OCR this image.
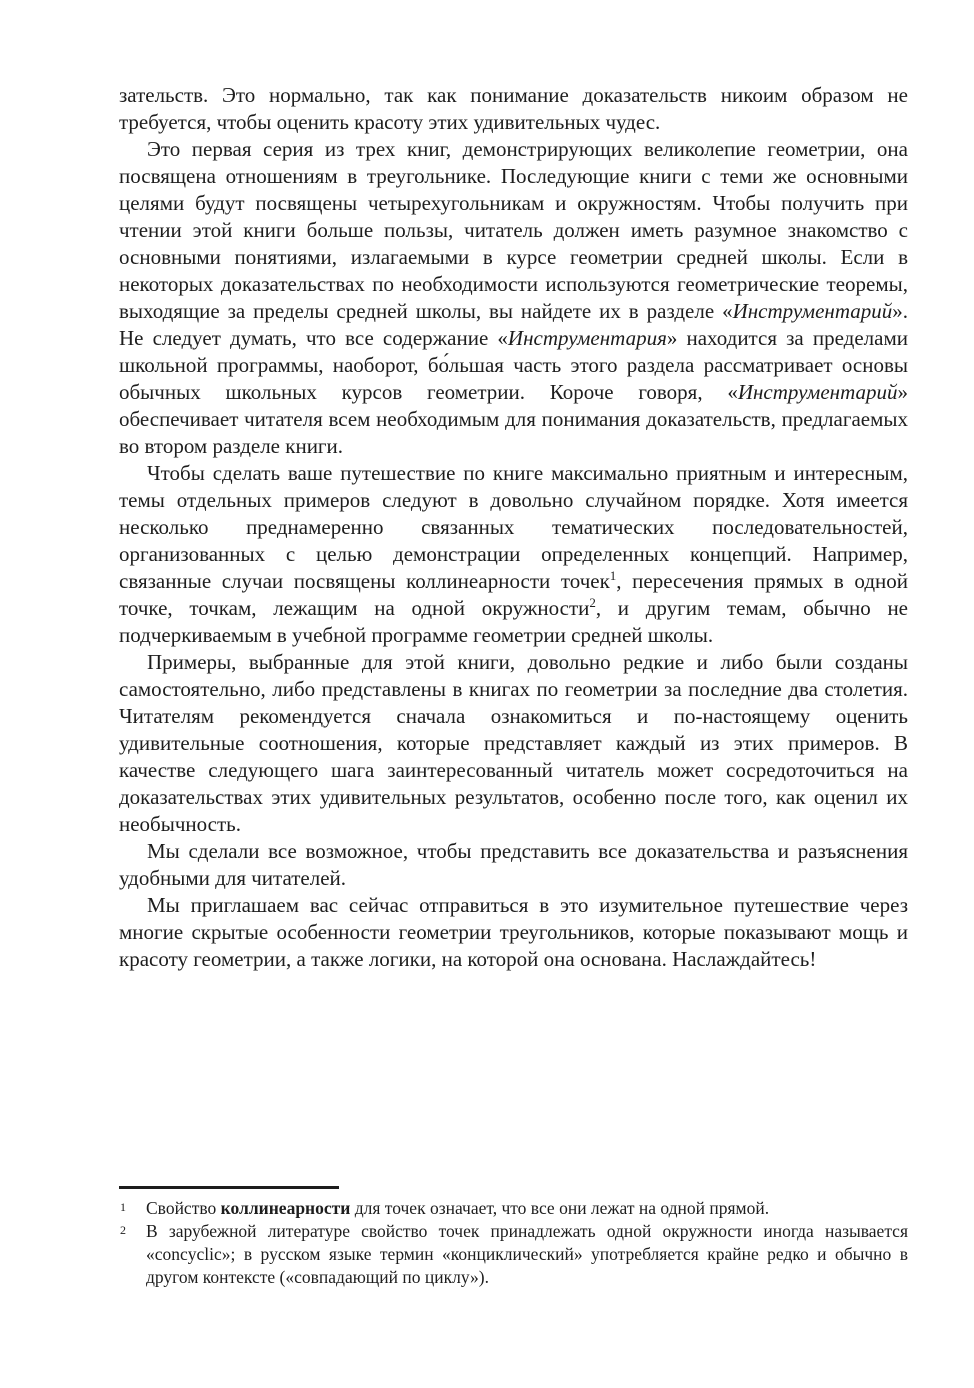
зательств. Это нормально, так как понимание доказательств никоим образом не требуется, чтобы оценить красоту этих удивительных чудес.

Это первая серия из трех книг, демонстрирующих великолепие геометрии, она посвящена отношениям в треугольнике. Последующие книги с теми же основными целями будут посвящены четырехугольникам и окружностям. Чтобы получить при чтении этой книги больше пользы, читатель должен иметь разумное знакомство с основными понятиями, излагаемыми в курсе геометрии средней школы. Если в некоторых доказательствах по необходимости используются геометрические теоремы, выходящие за пределы средней школы, вы найдете их в разделе «Инструментарий». Не следует думать, что все содержание «Инструментария» находится за пределами школьной программы, наоборот, бо́льшая часть этого раздела рассматривает основы обычных школьных курсов геометрии. Короче говоря, «Инструментарий» обеспечивает читателя всем необходимым для понимания доказательств, предлагаемых во втором разделе книги.

Чтобы сделать ваше путешествие по книге максимально приятным и интересным, темы отдельных примеров следуют в довольно случайном порядке. Хотя имеется несколько преднамеренно связанных тематических последовательностей, организованных с целью демонстрации определенных концепций. Например, связанные случаи посвящены коллинеарности точек$^1$, пересечения прямых в одной точке, точкам, лежащим на одной окружности$^2$, и другим темам, обычно не подчеркиваемым в учебной программе геометрии средней школы.

Примеры, выбранные для этой книги, довольно редкие и либо были созданы самостоятельно, либо представлены в книгах по геометрии за последние два столетия. Читателям рекомендуется сначала ознакомиться и по-настоящему оценить удивительные соотношения, которые представляет каждый из этих примеров. В качестве следующего шага заинтересованный читатель может сосредоточиться на доказательствах этих удивительных результатов, особенно после того, как оценил их необычность.

Мы сделали все возможное, чтобы представить все доказательства и разъяснения удобными для читателей.

Мы приглашаем вас сейчас отправиться в это изумительное путешествие через многие скрытые особенности геометрии треугольников, которые показывают мощь и красоту геометрии, а также логики, на которой она основана. Наслаждайтесь!

1 Свойство коллинеарности для точек означает, что все они лежат на одной прямой.
2 В зарубежной литературе свойство точек принадлежать одной окружности иногда называется «concyclic»; в русском языке термин «конциклический» употребляется крайне редко и обычно в другом контексте («совпадающий по циклу»).
